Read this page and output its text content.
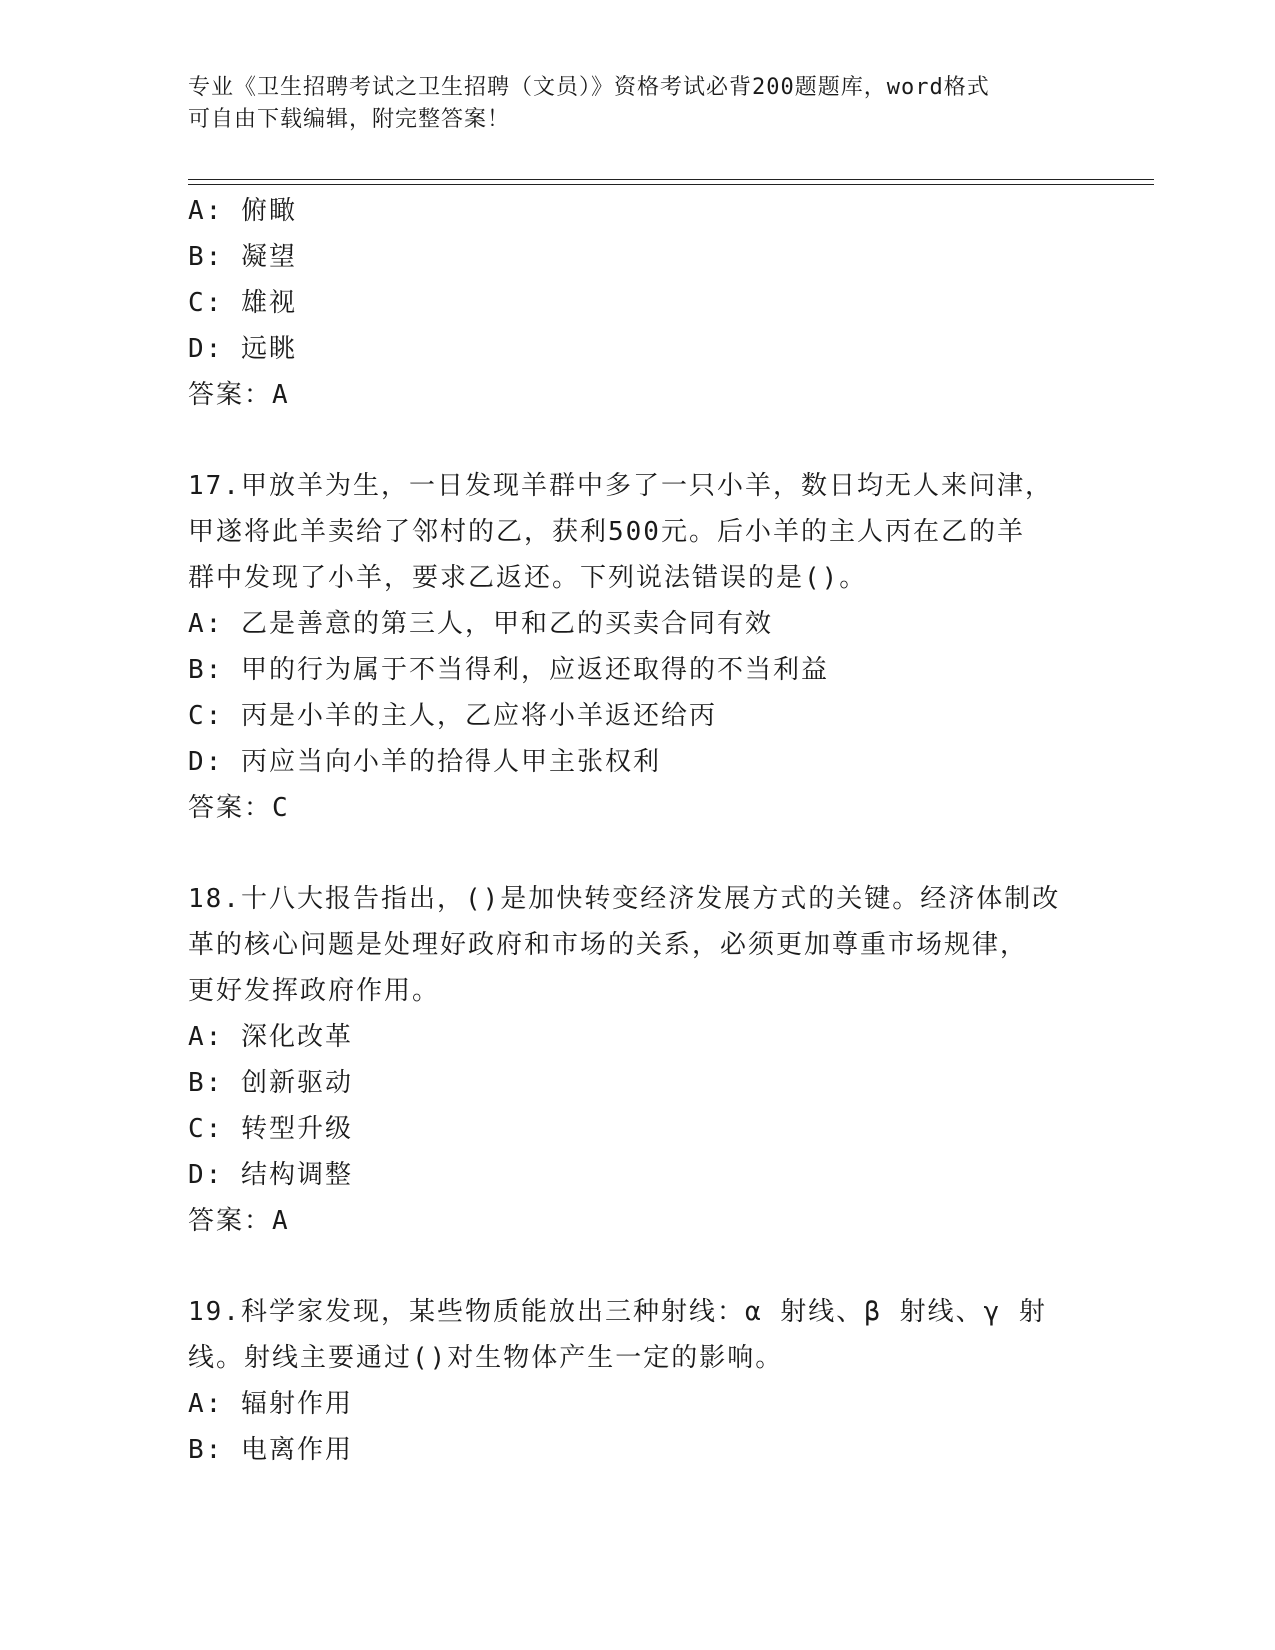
专业《卫生招聘考试之卫生招聘（文员）》资格考试必背200题题库，word格式
可自由下载编辑，附完整答案！
A: 俯瞰
B: 凝望
C: 雄视
D: 远眺
答案：A
17.甲放羊为生，一日发现羊群中多了一只小羊，数日均无人来问津，
甲遂将此羊卖给了邻村的乙，获利500元。后小羊的主人丙在乙的羊
群中发现了小羊，要求乙返还。下列说法错误的是()。
A: 乙是善意的第三人，甲和乙的买卖合同有效
B: 甲的行为属于不当得利，应返还取得的不当利益
C: 丙是小羊的主人，乙应将小羊返还给丙
D: 丙应当向小羊的拾得人甲主张权利
答案：C
18.十八大报告指出，()是加快转变经济发展方式的关键。经济体制改
革的核心问题是处理好政府和市场的关系，必须更加尊重市场规律，
更好发挥政府作用。
A: 深化改革
B: 创新驱动
C: 转型升级
D: 结构调整
答案：A
19.科学家发现，某些物质能放出三种射线：α 射线、β 射线、γ 射
线。射线主要通过()对生物体产生一定的影响。
A: 辐射作用
B: 电离作用
